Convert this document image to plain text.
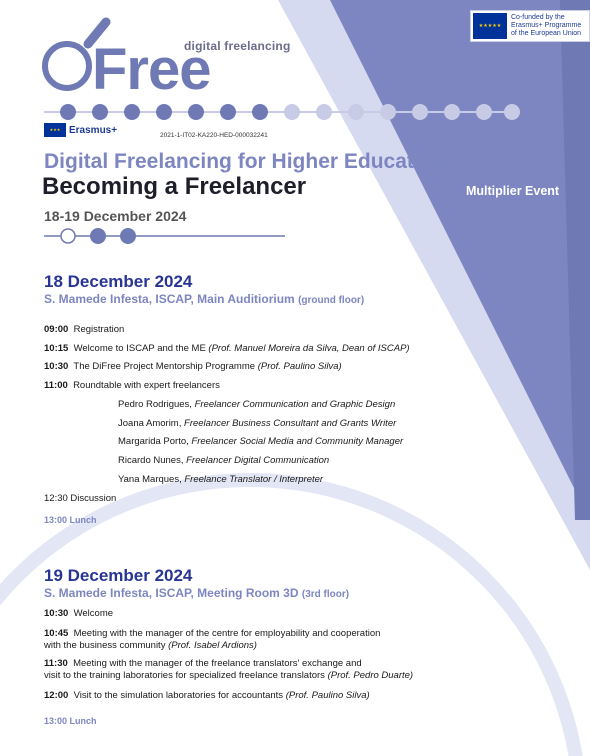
★★★★★
Co-funded by the
Erasmus+ Programme
of the European Union
digital freelancing
Free
★★★ Erasmus+	2021-1-IT02-KA220-HED-000032241
Digital Freelancing for Higher Education
Becoming a Freelancer	Multiplier Event
18-19 December 2024
18 December 2024
S. Mamede Infesta, ISCAP, Main Auditiorium (ground floor)
09:00 Registration
10:15 Welcome to ISCAP and the ME (Prof. Manuel Moreira da Silva, Dean of ISCAP)
10:30 The DiFree Project Mentorship Programme (Prof. Paulino Silva)
11:00 Roundtable with expert freelancers
Pedro Rodrigues, Freelancer Communication and Graphic Design
Joana Amorim, Freelancer Business Consultant and Grants Writer
Margarida Porto, Freelancer Social Media and Community Manager
Ricardo Nunes, Freelancer Digital Communication
Yana Marques, Freelance Translator / Interpreter
12:30 Discussion
13:00 Lunch
19 December 2024
S. Mamede Infesta, ISCAP, Meeting Room 3D (3rd floor)
10:30 Welcome
10:45 Meeting with the manager of the centre for employability and cooperation
with the business community (Prof. Isabel Ardions)
11:30 Meeting with the manager of the freelance translators' exchange and
visit to the training laboratories for specialized freelance translators (Prof. Pedro Duarte)
12:00 Visit to the simulation laboratories for accountants (Prof. Paulino Silva)
13:00 Lunch
